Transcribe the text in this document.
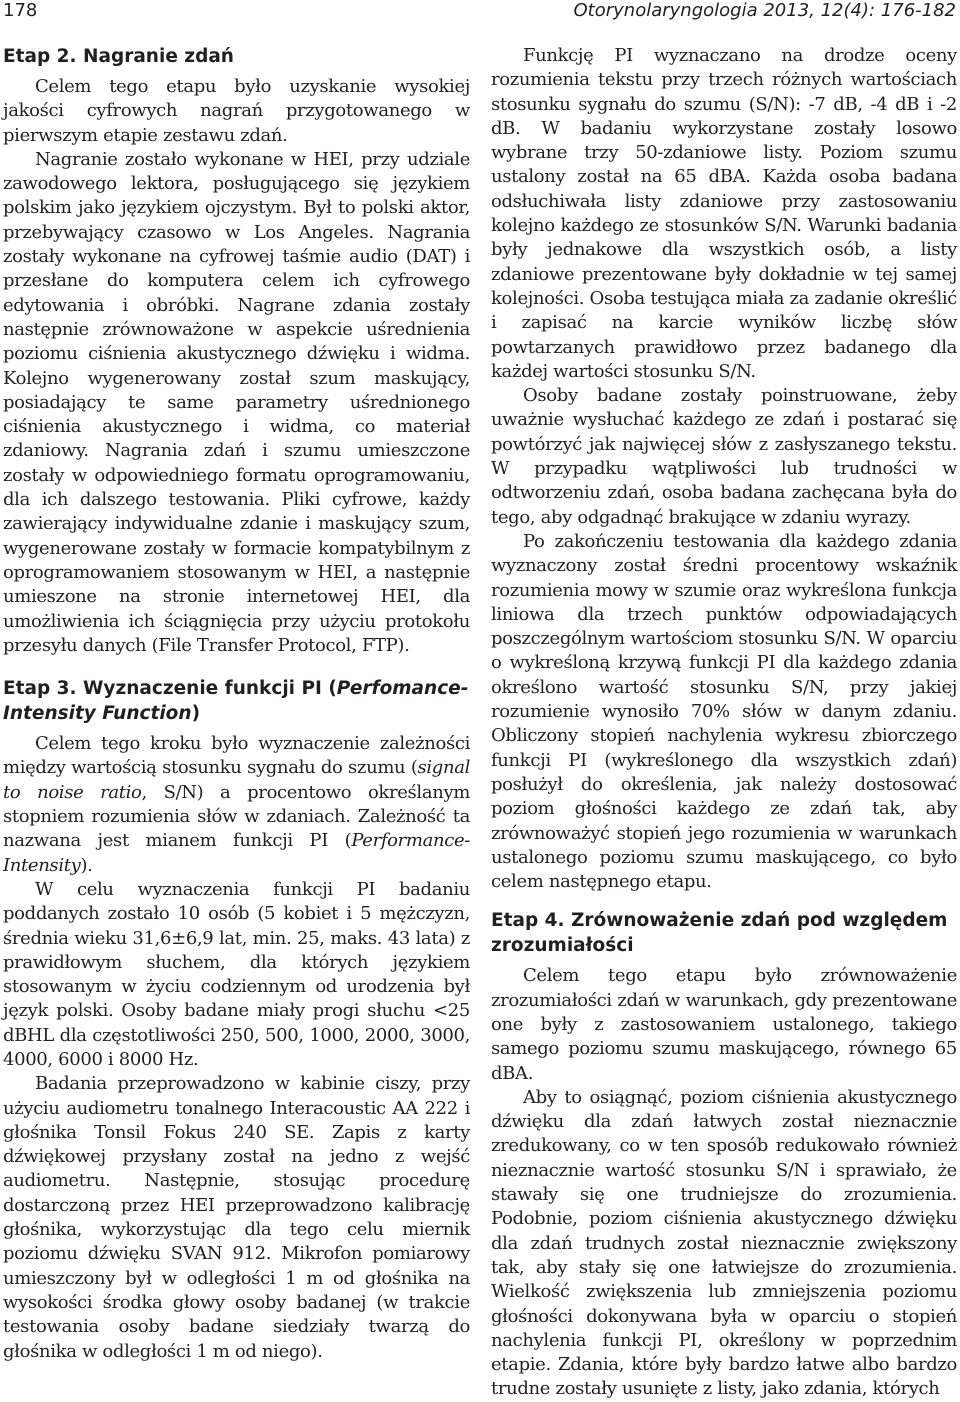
178	Otorynolaryngologia 2013, 12(4): 176-182
Etap 2. Nagranie zdań

Celem tego etapu było uzyskanie wysokiej jakości cyfrowych nagrań przygotowanego w pierwszym etapie zestawu zdań.

Nagranie zostało wykonane w HEI, przy udziale zawodowego lektora, posługującego się językiem polskim jako językiem ojczystym. Był to polski aktor, przebywający czasowo w Los Angeles. Nagrania zostały wykonane na cyfrowej taśmie audio (DAT) i przesłane do komputera celem ich cyfrowego edytowania i obróbki. Nagrane zdania zostały następnie zrównoważone w aspekcie uśrednienia poziomu ciśnienia akustycznego dźwięku i widma. Kolejno wygenerowany został szum maskujący, posiadający te same parametry uśrednionego ciśnienia akustycznego i widma, co materiał zdaniowy. Nagrania zdań i szumu umieszczone zostały w odpowiedniego formatu oprogramowaniu, dla ich dalszego testowania. Pliki cyfrowe, każdy zawierający indywidualne zdanie i maskujący szum, wygenerowane zostały w formacie kompatybilnym z oprogramowaniem stosowanym w HEI, a następnie umieszone na stronie internetowej HEI, dla umożliwienia ich ściągnięcia przy użyciu protokołu przesyłu danych (File Transfer Protocol, FTP).

Etap 3. Wyznaczenie funkcji PI (Perfomance-Intensity Function)

Celem tego kroku było wyznaczenie zależności między wartością stosunku sygnału do szumu (signal to noise ratio, S/N) a procentowo określanym stopniem rozumienia słów w zdaniach. Zależność ta nazwana jest mianem funkcji PI (Performance-Intensity).

W celu wyznaczenia funkcji PI badaniu poddanych zostało 10 osób (5 kobiet i 5 mężczyzn, średnia wieku 31,6±6,9 lat, min. 25, maks. 43 lata) z prawidłowym słuchem, dla których językiem stosowanym w życiu codziennym od urodzenia był język polski. Osoby badane miały progi słuchu <25 dBHL dla częstotliwości 250, 500, 1000, 2000, 3000, 4000, 6000 i 8000 Hz.

Badania przeprowadzono w kabinie ciszy, przy użyciu audiometru tonalnego Interacoustic AA 222 i głośnika Tonsil Fokus 240 SE. Zapis z karty dźwiękowej przysłany został na jedno z wejść audiometru. Następnie, stosując procedurę dostarczoną przez HEI przeprowadzono kalibrację głośnika, wykorzystując dla tego celu miernik poziomu dźwięku SVAN 912. Mikrofon pomiarowy umieszczony był w odległości 1 m od głośnika na wysokości środka głowy osoby badanej (w trakcie testowania osoby badane siedziały twarzą do głośnika w odległości 1 m od niego).

Funkcję PI wyznaczano na drodze oceny rozumienia tekstu przy trzech różnych wartościach stosunku sygnału do szumu (S/N): -7 dB, -4 dB i -2 dB. W badaniu wykorzystane zostały losowo wybrane trzy 50-zdaniowe listy. Poziom szumu ustalony został na 65 dBA. Każda osoba badana odsłuchiwała listy zdaniowe przy zastosowaniu kolejno każdego ze stosunków S/N. Warunki badania były jednakowe dla wszystkich osób, a listy zdaniowe prezentowane były dokładnie w tej samej kolejności. Osoba testująca miała za zadanie określić i zapisać na karcie wyników liczbę słów powtarzanych prawidłowo przez badanego dla każdej wartości stosunku S/N.

Osoby badane zostały poinstruowane, żeby uważnie wysłuchać każdego ze zdań i postarać się powtórzyć jak najwięcej słów z zasłyszanego tekstu. W przypadku wątpliwości lub trudności w odtworzeniu zdań, osoba badana zachęcana była do tego, aby odgadnąć brakujące w zdaniu wyrazy.

Po zakończeniu testowania dla każdego zdania wyznaczony został średni procentowy wskaźnik rozumienia mowy w szumie oraz wykreślona funkcja liniowa dla trzech punktów odpowiadających poszczególnym wartościom stosunku S/N. W oparciu o wykreśloną krzywą funkcji PI dla każdego zdania określono wartość stosunku S/N, przy jakiej rozumienie wynosiło 70% słów w danym zdaniu. Obliczony stopień nachylenia wykresu zbiorczego funkcji PI (wykreślonego dla wszystkich zdań) posłużył do określenia, jak należy dostosować poziom głośności każdego ze zdań tak, aby zrównoważyć stopień jego rozumienia w warunkach ustalonego poziomu szumu maskującego, co było celem następnego etapu.

Etap 4. Zrównoważenie zdań pod względem zrozumiałości

Celem tego etapu było zrównoważenie zrozumiałości zdań w warunkach, gdy prezentowane one były z zastosowaniem ustalonego, takiego samego poziomu szumu maskującego, równego 65 dBA.

Aby to osiągnąć, poziom ciśnienia akustycznego dźwięku dla zdań łatwych został nieznacznie zredukowany, co w ten sposób redukowało również nieznacznie wartość stosunku S/N i sprawiało, że stawały się one trudniejsze do zrozumienia. Podobnie, poziom ciśnienia akustycznego dźwięku dla zdań trudnych został nieznacznie zwiększony tak, aby stały się one łatwiejsze do zrozumienia. Wielkość zwiększenia lub zmniejszenia poziomu głośności dokonywana była w oparciu o stopień nachylenia funkcji PI, określony w poprzednim etapie. Zdania, które były bardzo łatwe albo bardzo trudne zostały usunięte z listy, jako zdania, których
